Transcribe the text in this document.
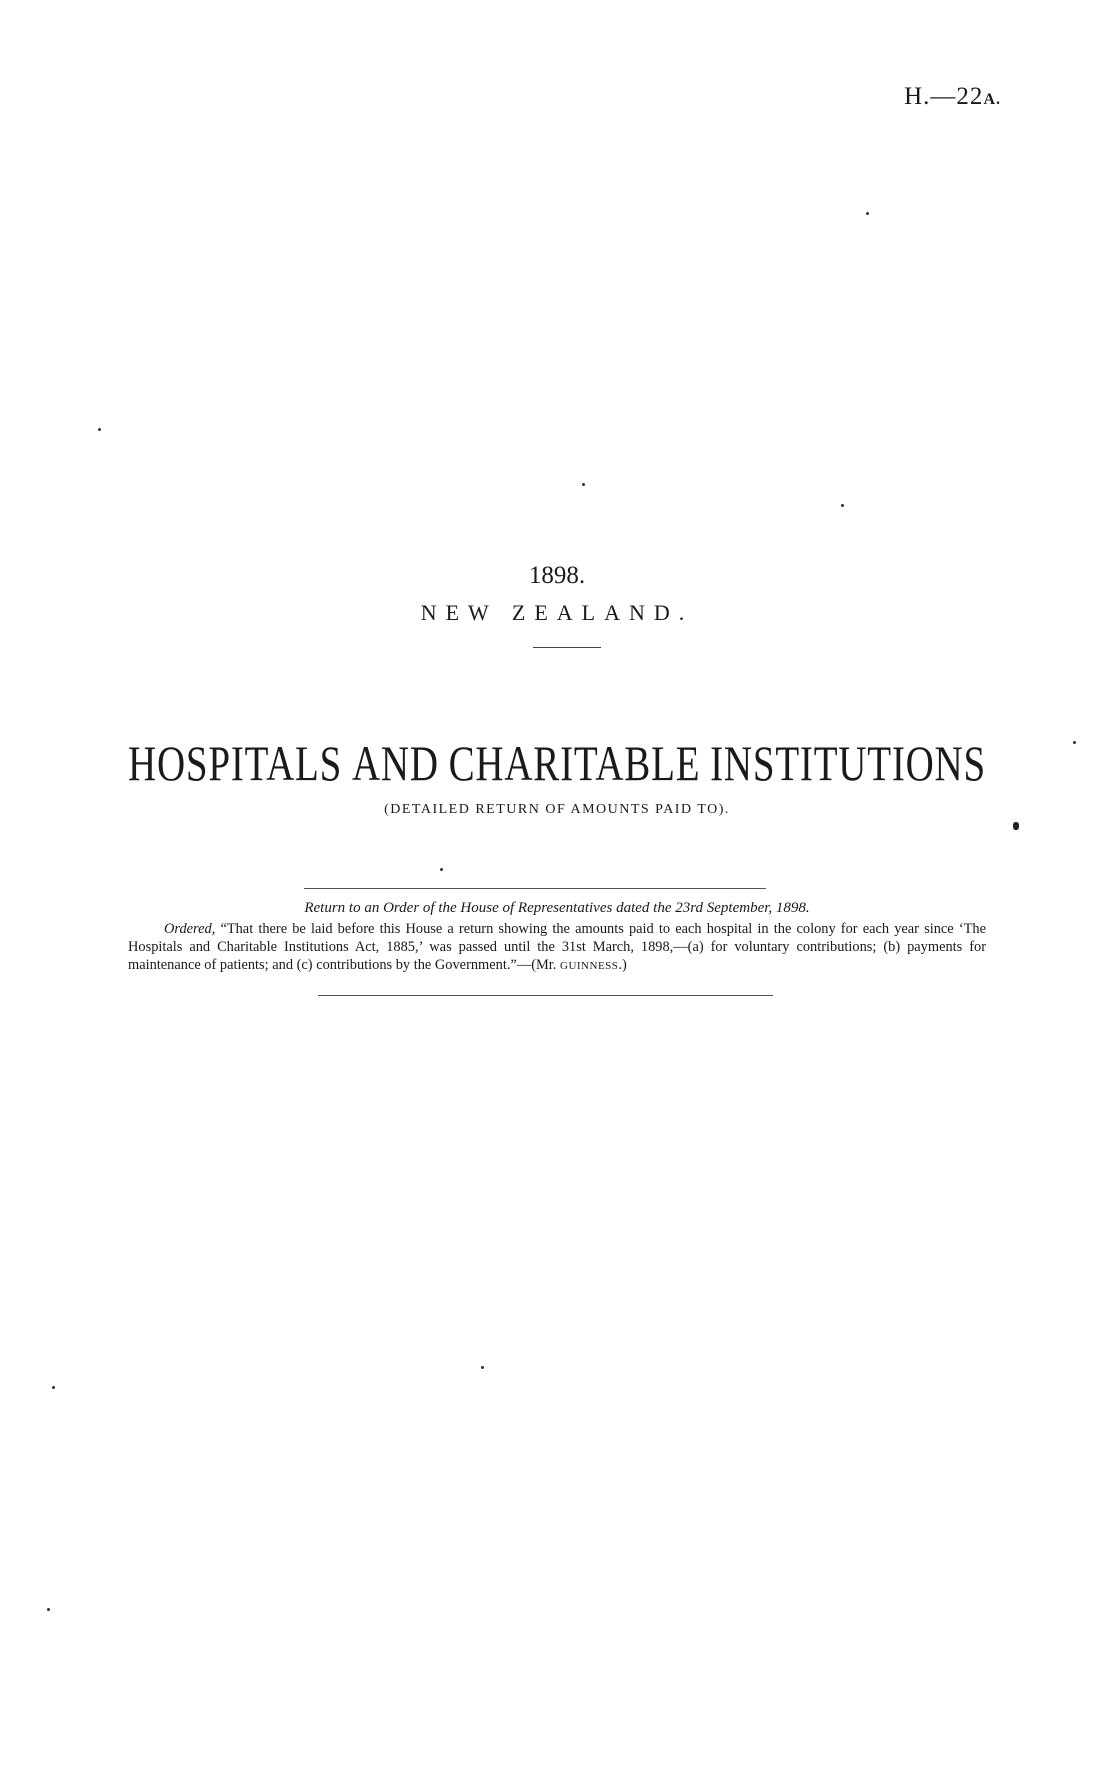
H.—22A.
1898.
NEW ZEALAND.
HOSPITALS AND CHARITABLE INSTITUTIONS
(DETAILED RETURN OF AMOUNTS PAID TO).
Return to an Order of the House of Representatives dated the 23rd September, 1898.

Ordered, “That there be laid before this House a return showing the amounts paid to each hospital in the colony for each year since ‘The Hospitals and Charitable Institutions Act, 1885,’ was passed until the 31st March, 1898,—(a) for voluntary contributions; (b) payments for maintenance of patients; and (c) contributions by the Government.”—(Mr. GUINNESS.)
